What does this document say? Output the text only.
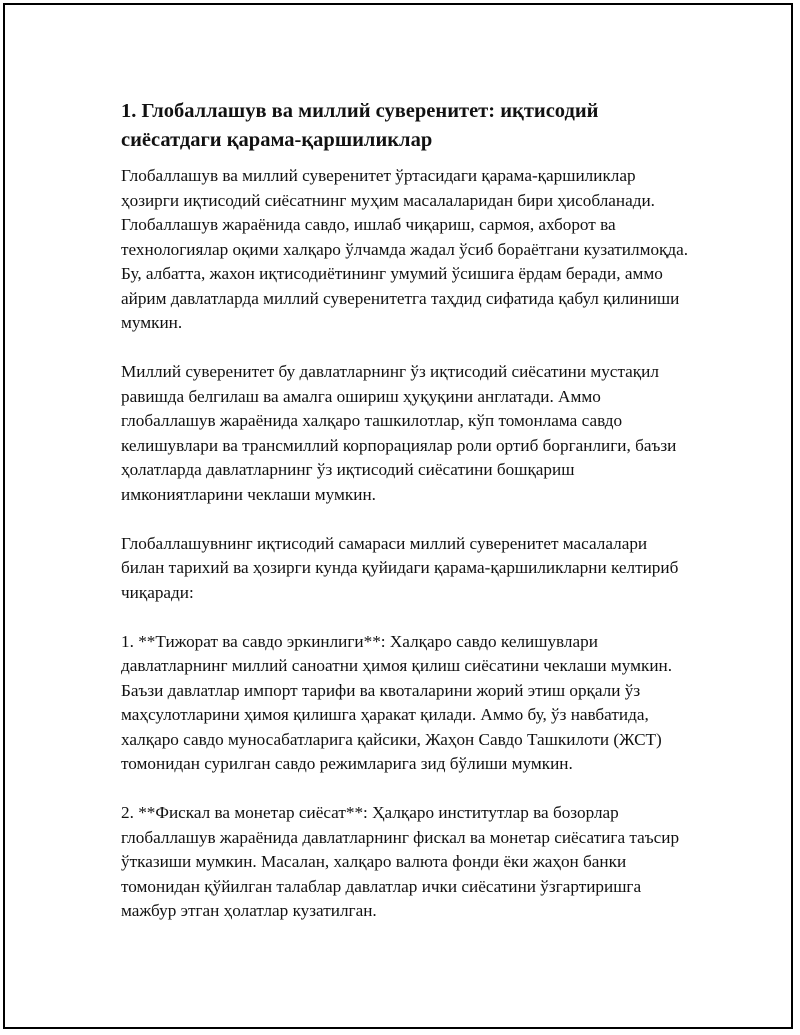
1. Глобаллашув ва миллий суверенитет: иқтисодий сиёсатдаги қарама-қаршиликлар

Глобаллашув ва миллий суверенитет ўртасидаги қарама-қаршиликлар ҳозирги иқтисодий сиёсатнинг муҳим масалаларидан бири ҳисобланади. Глобаллашув жараёнида савдо, ишлаб чиқариш, сармоя, ахборот ва технологиялар оқими халқаро ўлчамда жадал ўсиб бораётгани кузатилмоқда. Бу, албатта, жахон иқтисодиётининг умумий ўсишига ёрдам беради, аммо айрим давлатларда миллий суверенитетга таҳдид сифатида қабул қилиниши мумкин.

Миллий суверенитет бу давлатларнинг ўз иқтисодий сиёсатини мустақил равишда белгилаш ва амалга ошириш ҳуқуқини англатади. Аммо глобаллашув жараёнида халқаро ташкилотлар, кўп томонлама савдо келишувлари ва трансмиллий корпорациялар роли ортиб борганлиги, баъзи ҳолатларда давлатларнинг ўз иқтисодий сиёсатини бошқариш имкониятларини чеклаши мумкин.

Глобаллашувнинг иқтисодий самараси миллий суверенитет масалалари билан тарихий ва ҳозирги кунда қуйидаги қарама-қаршиликларни келтириб чиқаради:

1. **Тижорат ва савдо эркинлиги**: Халқаро савдо келишувлари давлатларнинг миллий саноатни ҳимоя қилиш сиёсатини чеклаши мумкин. Баъзи давлатлар импорт тарифи ва квоталарини жорий этиш орқали ўз маҳсулотларини ҳимоя қилишга ҳаракат қилади. Аммо бу, ўз навбатида, халқаро савдо муносабатларига қайсики, Жаҳон Савдо Ташкилоти (ЖСТ) томонидан сурилган савдо режимларига зид бўлиши мумкин.

2. **Фискал ва монетар сиёсат**: Ҳалқаро институтлар ва бозорлар глобаллашув жараёнида давлатларнинг фискал ва монетар сиёсатига таъсир ўтказиши мумкин. Масалан, халқаро валюта фонди ёки жаҳон банки томонидан қўйилган талаблар давлатлар ички сиёсатини ўзгартиришга мажбур этган ҳолатлар кузатилган.
